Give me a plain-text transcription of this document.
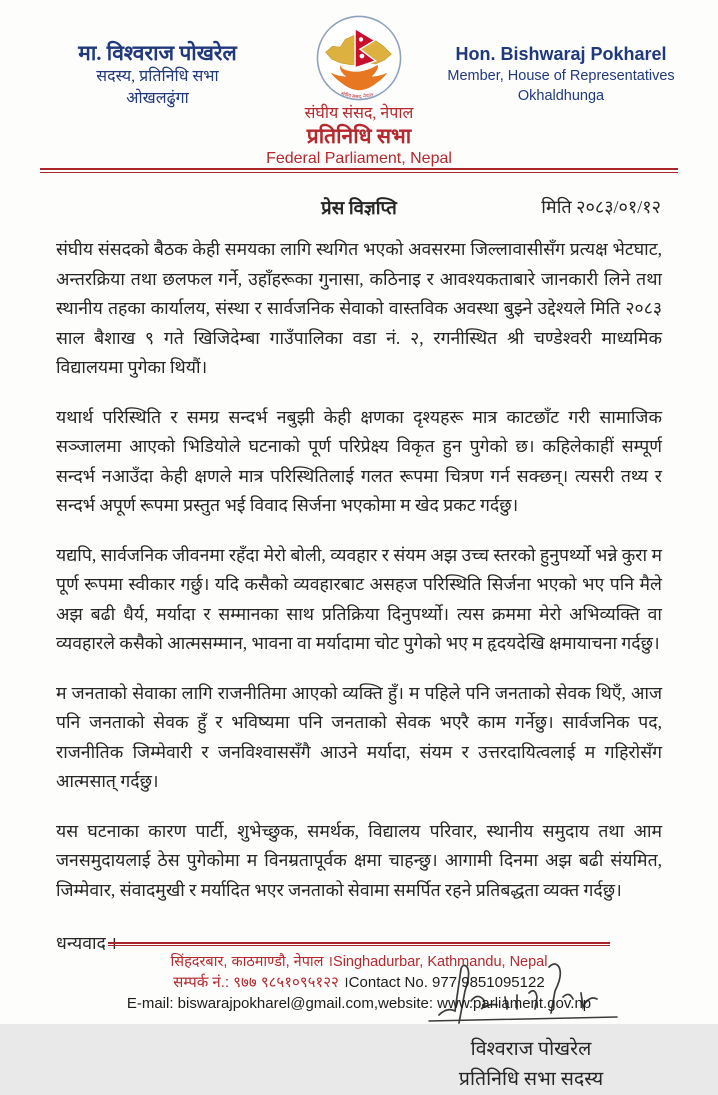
मा. विश्वराज पोखरेल
सदस्य, प्रतिनिधि सभा
ओखलढुंगा	संघीय संसद, नेपाल
संघीय संसद, नेपाल
प्रतिनिधि सभा
Federal Parliament, Nepal
Hon. Bishwaraj Pokharel
Member, House of Representatives
Okhaldhunga
प्रेस विज्ञप्ति	मिति २०८३/०१/१२

संघीय संसदको बैठक केही समयका लागि स्थगित भएको अवसरमा जिल्लावासीसँग प्रत्यक्ष भेटघाट, अन्तरक्रिया तथा छलफल गर्ने, उहाँहरूका गुनासा, कठिनाइ र आवश्यकताबारे जानकारी लिने तथा स्थानीय तहका कार्यालय, संस्था र सार्वजनिक सेवाको वास्तविक अवस्था बुझ्ने उद्देश्यले मिति २०८३ साल बैशाख ९ गते खिजिदेम्बा गाउँपालिका वडा नं. २, रगनीस्थित श्री चण्डेश्वरी माध्यमिक विद्यालयमा पुगेका थियौं।

यथार्थ परिस्थिति र समग्र सन्दर्भ नबुझी केही क्षणका दृश्यहरू मात्र काटछाँट गरी सामाजिक सञ्जालमा आएको भिडियोले घटनाको पूर्ण परिप्रेक्ष्य विकृत हुन पुगेको छ। कहिलेकाहीं सम्पूर्ण सन्दर्भ नआउँदा केही क्षणले मात्र परिस्थितिलाई गलत रूपमा चित्रण गर्न सक्छन्। त्यसरी तथ्य र सन्दर्भ अपूर्ण रूपमा प्रस्तुत भई विवाद सिर्जना भएकोमा म खेद प्रकट गर्दछु।

यद्यपि, सार्वजनिक जीवनमा रहँदा मेरो बोली, व्यवहार र संयम अझ उच्च स्तरको हुनुपर्थ्यो भन्ने कुरा म पूर्ण रूपमा स्वीकार गर्छु। यदि कसैको व्यवहारबाट असहज परिस्थिति सिर्जना भएको भए पनि मैले अझ बढी धैर्य, मर्यादा र सम्मानका साथ प्रतिक्रिया दिनुपर्थ्यो। त्यस क्रममा मेरो अभिव्यक्ति वा व्यवहारले कसैको आत्मसम्मान, भावना वा मर्यादामा चोट पुगेको भए म हृदयदेखि क्षमायाचना गर्दछु।

म जनताको सेवाका लागि राजनीतिमा आएको व्यक्ति हुँ। म पहिले पनि जनताको सेवक थिएँ, आज पनि जनताको सेवक हुँ र भविष्यमा पनि जनताको सेवक भएरै काम गर्नेछु। सार्वजनिक पद, राजनीतिक जिम्मेवारी र जनविश्वाससँगै आउने मर्यादा, संयम र उत्तरदायित्वलाई म गहिरोसँग आत्मसात् गर्दछु।

यस घटनाका कारण पार्टी, शुभेच्छुक, समर्थक, विद्यालय परिवार, स्थानीय समुदाय तथा आम जनसमुदायलाई ठेस पुगेकोमा म विनम्रतापूर्वक क्षमा चाहन्छु। आगामी दिनमा अझ बढी संयमित, जिम्मेवार, संवादमुखी र मर्यादित भएर जनताको सेवामा समर्पित रहने प्रतिबद्धता व्यक्त गर्दछु।

धन्यवाद ।

विश्वराज पोखरेल
प्रतिनिधि सभा सदस्य
सिंहदरबार, काठमाण्डौ, नेपाल ।Singhadurbar, Kathmandu, Nepal
सम्पर्क नं.: ९७७ ९८५१०९५१२२ ।Contact No. 977 9851095122
E-mail: biswarajpokharel@gmail.com,website: www.parliament.gov.np
